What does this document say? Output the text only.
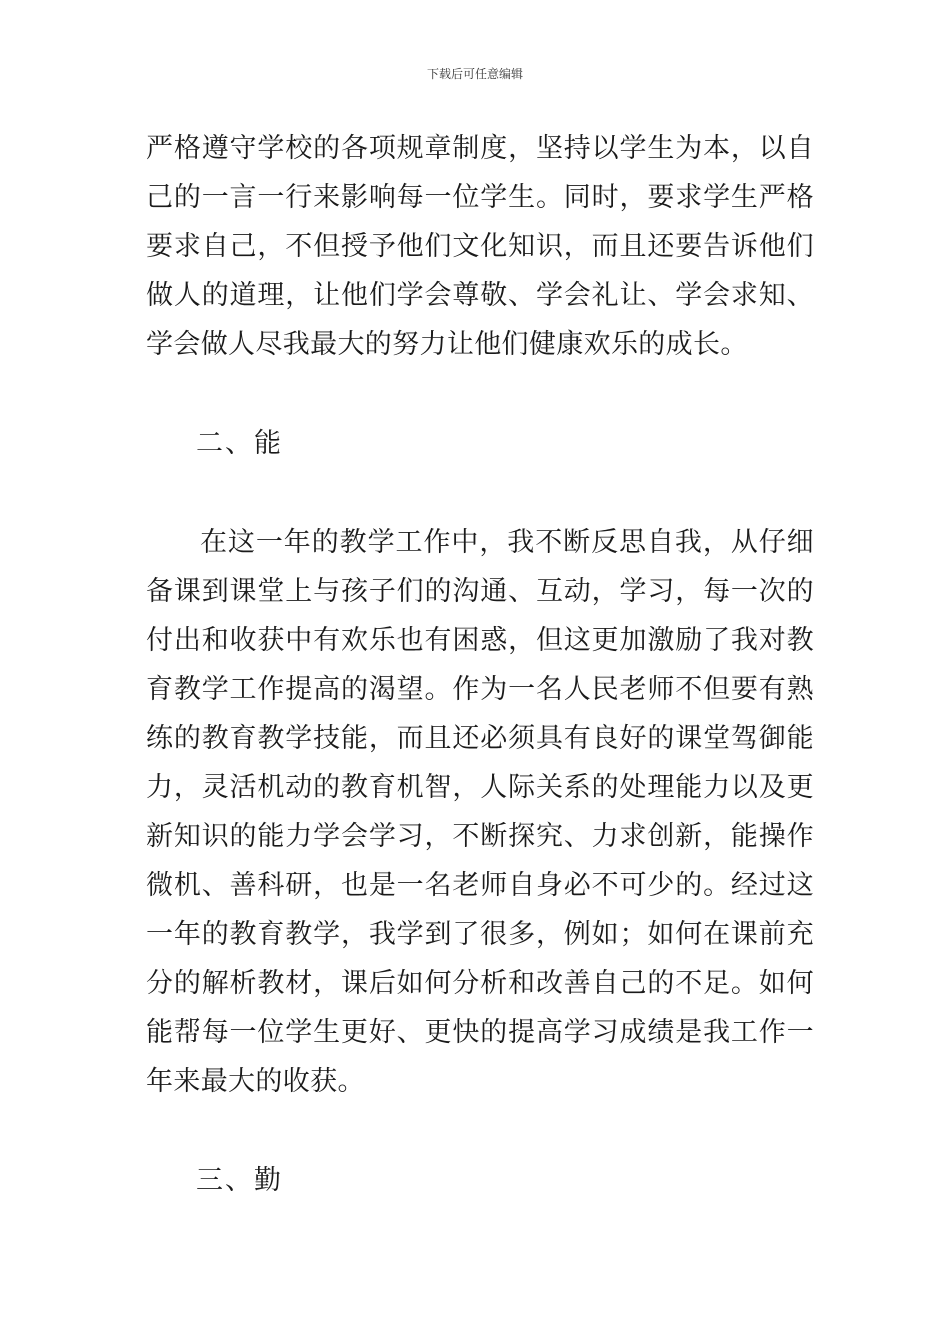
下载后可任意编辑

严格遵守学校的各项规章制度，坚持以学生为本，以自己的一言一行来影响每一位学生。同时，要求学生严格要求自己，不但授予他们文化知识，而且还要告诉他们做人的道理，让他们学会尊敬、学会礼让、学会求知、学会做人尽我最大的努力让他们健康欢乐的成长。

二、能

在这一年的教学工作中，我不断反思自我，从仔细备课到课堂上与孩子们的沟通、互动，学习，每一次的付出和收获中有欢乐也有困惑，但这更加激励了我对教育教学工作提高的渴望。作为一名人民老师不但要有熟练的教育教学技能，而且还必须具有良好的课堂驾御能力，灵活机动的教育机智，人际关系的处理能力以及更新知识的能力学会学习，不断探究、力求创新，能操作微机、善科研，也是一名老师自身必不可少的。经过这一年的教育教学，我学到了很多，例如；如何在课前充分的解析教材，课后如何分析和改善自己的不足。如何能帮每一位学生更好、更快的提高学习成绩是我工作一年来最大的收获。

三、勤
